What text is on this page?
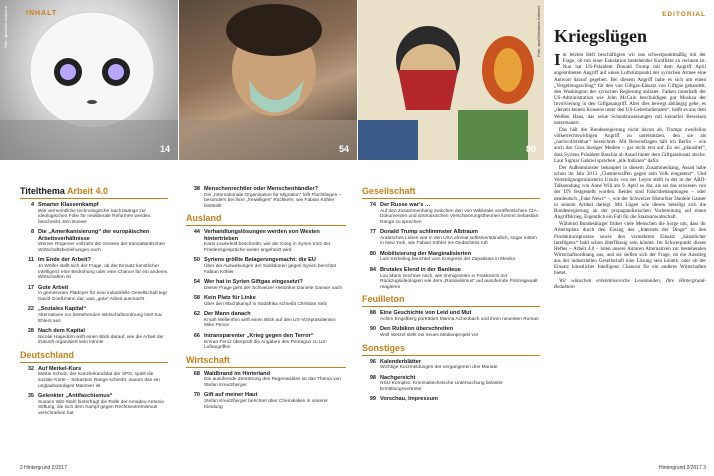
INHALT
Foto: dpa/Uwe Anspach
14	54
Foto: dpa/Sebastian Kahnert
80
Titelthema Arbeit 4.0
4 Smarter Klassenkampf
Wie vermeintliche technologische Sachzwänge zur ideologischen Folie für neoliberale Reformen werden, beschreibt Jörn Boewe
8 Die „Amerikanisierung“ der europäischen Arbeitsverhältnisse
Werner Rügemer vollzieht die Genese der transatlantischen Wirtschaftsbeziehungen nach
11 Im Ende der Arbeit?
Jo Wölfer stellt sich der Frage, ob der Einsatz künstlicher Intelligenz eine Bedrohung oder eine Chance für ein anderes Wirtschaften ist
17 Gute Arbeit
In gemeinsam Plädoyer für eine industrielle Gesellschaft legt David Goeßmann dar, was „gute“ Arbeit ausmacht
22 „Soziales Kapital“
Alternativen zur bestehenden Wirtschaftsordnung lotet Kai Ehlers aus
28 Nach dem Kapital
Nicolai Hagedorn wirft einen Blick darauf, wie die Arbeit der Zukunft organisiert sein könnte
Deutschland
32 Auf Merkel-Kurs
Martin Schulz, der Kanzlerkandidat der SPD, spielt die soziale Karte – Sebastian Range schreibt, warum das ein unglaubwürdiges Manöver ist
35 Gelenkter „Antifaschismus“
Susann Witt-Stahl hinterfragt die Rolle der Amadeu Antonio Stiftung, die sich dem Kampf gegen Rechtsextremismus verschrieben hat
38 Menschenrechtler oder Menschenhändler?
Die „Internationale Organisation für Migration“ hilft Flüchtlingen – besonders bei ihrer „freiwilligen“ Rückkehr, wie Fabian Köhler feststellt
Ausland
44 Verhandlungslösungen werden von Westen hintertrieben
Karin Leukefeld beschreibt, wie der Krieg in Syrien trotz der Friedensgespräche weiter angeheizt wird
50 Syriens größte Belagerungsmacht: die EU
Über die Auswirkungen der Sanktionen gegen Syrien berichtet Fabian Köhler
54 Wer hat in Syrien Giftgas eingesetzt?
Dieser Frage geht der Schweizer Historiker Daniele Ganser nach
58 Kein Platz für Linke
Über den Machtkampf in Südafrika schreibt Christian Selz
62 Der Mann danach
Knuth Mellenthin wirft einen Blick auf den US-Vizepräsidenten Mike Pence
66 Intransparenter „Krieg gegen den Terror“
Emran Feroz überprüft die Angaben des Pentagon zu US-Luftangriffen
Wirtschaft
68 Waldbrand im Hinterland
Die ausufernde Zerstörung des Regenwaldes ist das Thema von Stefan Kreutzberger
70 Gift auf meiner Haut
Stefan Kreutzberger berichtet über Chemikalien in unserer Kleidung
Gesellschaft
74 Der Russe war's …
Auf den Zusammenhang zwischen den von Wikileaks veröffentlichten CIA-Dokumenten und antirussischen Verschwörungstheorien kommt Sebastian Range zu sprechen
77 Donald Trump schlimmster Albtraum
Arabisches Leben war in den USA einmal selbstverständlich, sogar mitten in New York, wie Fabian Köhler ins Gedächtnis ruft
80 Mobilisierung der Marginalisierten
Lutz Kerkeling berichtet vom Kongress der Zapatistas in Mexiko
84 Brutales Elend in der Banlieue
Lou Marin zeichnet nach, wie Immigranten in Frankreich mit Rückzugsideologien wie dem „Rassialismus“ auf ausufernde Polizeigewalt reagieren
Feuilleton
88 Eine Geschichte von Leid und Mut
Achim Engelberg porträtiert Marina Achenbach und ihren neuesten Roman
90 Den Rubikon überschreiten
Wolf Wetzel stellt ein neues Medienprojekt vor
Sonstiges
96 Kalenderblätter
Wichtige Kurzmeldungen der vergangenen drei Monate
98 Nachgereicht
NSU-Komplex: Kriminaltechnische Untersuchung belastet Ermittlungsvertreter
99 Vorschau, Impressum
2 Hintergrund 2/2017	Hintergrund 2/2017 3
EDITORIAL
Kriegslügen

Im letzten Heft beschäftigten wir uns schwerpunktmäßig mit der Frage, ob mit einer Eskalation bestehender Konflikte zu rechnen ist. Nun hat US-Präsident Donald Trump mit dem Angriff April angeordneten Angriff auf einen Luftstützpunkt der syrischen Armee eine Antwort darauf gegeben. Bei diesem Angriff habe es sich um einen „Vergeltungsschlag“ für den von Giftgas-Einsatz von Giftgas gehandelt, den Washington der syrischen Regierung anlastet. Falken innerhalb der US-Administration wie John McCain beschuldigen gar Moskau der Involvierung in den Giftgasangriff. Aber dies bewegt abhängig gehe, es „derzeit keinen Konsens unter den US-Geheimdiensten“, heißt es aus dem Weißen Haus, das seine Schuldzuweisungen mit keinerlei Beweisen untermauert.

Das hält die Bundesregierung nicht davon ab, Trumps zweifellos völkerrechtswidrigen Angriff zu unterstützen, den sie als „nachvollziehbar“ bezeichnet. Mit Beweisfragen hält ich Berlin – wie auch das Gros hiesiger Medien – gar nicht erst auf. Es sei „plausibel“, dass Syriens Präsident Baschar al-Assad hinter dem Giftgaseinsatz stecke. Laut Sigmar Gabriel sprächen „alle Indizien“ dafür.

Der Außenminister behauptet in diesem Zusammenhang, Assad habe schon im Jahr 2013 „Chemiewaffen gegen sein Volk eingesetzt“. Und Verteidigungsministerin Ursula von der Leyen stellt in der in der ARD-Talksendung von Anne Will am 9. April so dar, als sei das erwiesen von der UN festgestellt worden. Beides sind Falschbehauptungen – oder neudeutsch „Fake News“ –, wie der Schweizer Historiker Daniele Ganser in seinem Artikel darlegt. Mit Lügen wie diesen beteiligt sich die Bundesregierung an der propagandistischen Vorbereitung auf einen Angriffskrieg. Eigentlich ein Fall für die Staatsanwaltschaft.

Während Bundesbürger früher viele Menschen die Sorge um, dass ihr Arbeitsplatz durch den Einzug des „Internets der Dinge“ in den Produktionsprozess sowie den vermehrten Einsatz „künstlicher Intelligenz“ bald schon überflüssig sein könnte. Im Schwerpunkt dieses Heftes – Arbeit 4.0 – loten unsere Autoren Alternativen zur bestehenden Wirtschaftsordnung aus, und sie stellen sich der Frage, ob ein Ausstieg aus der industriellen Gesellschaft eine Lösung sein könnte, oder ob der Einsatz künstlicher Intelligenz Chancen für ein anderes Wirtschaften bietet.

Wir wünschen erkenntnisreiche Lesestunden, Ihre Hintergrund-Redaktion
